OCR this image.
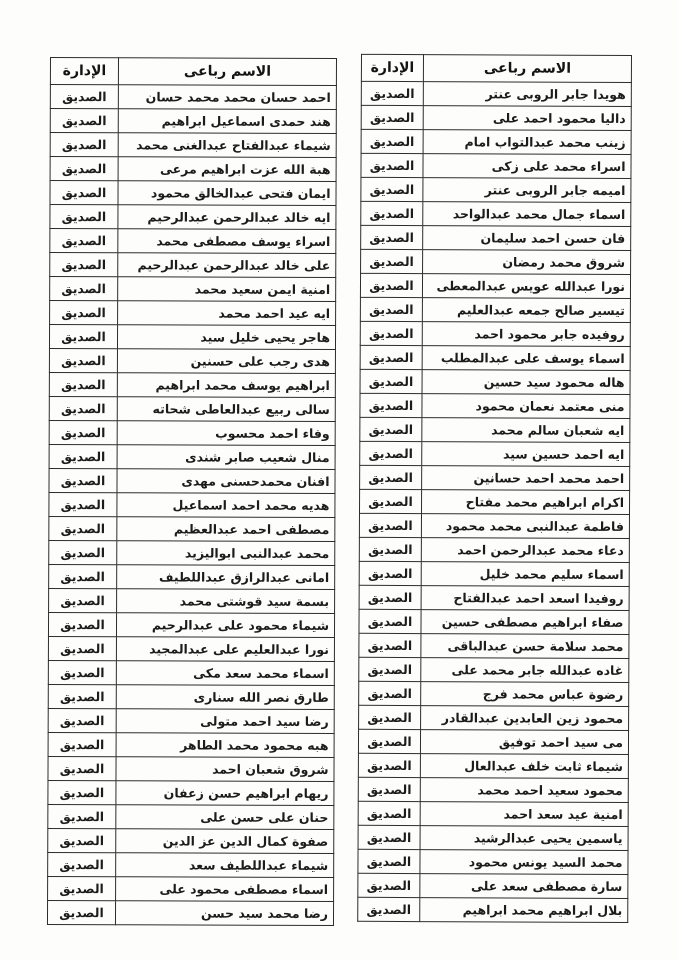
الاسم رباعى	الإدارة
هويدا جابر الروبى عنتر	الصديق
داليا محمود احمد على	الصديق
زينب محمد عبدالتواب امام	الصديق
اسراء محمد على زكى	الصديق
اميمه جابر الروبى عنتر	الصديق
اسماء جمال محمد عبدالواحد	الصديق
فان حسن احمد سليمان	الصديق
شروق محمد رمضان	الصديق
نورا عبدالله عويس عبدالمعطى	الصديق
تيسير صالح جمعه عبدالعليم	الصديق
روفيده جابر محمود احمد	الصديق
اسماء يوسف على عبدالمطلب	الصديق
هاله محمود سيد حسين	الصديق
منى معتمد نعمان محمود	الصديق
ايه شعبان سالم محمد	الصديق
ايه احمد حسين سيد	الصديق
احمد محمد احمد حسانين	الصديق
اكرام ابراهيم محمد مفتاح	الصديق
فاطمة عبدالنبى محمد محمود	الصديق
دعاء محمد عبدالرحمن احمد	الصديق
اسماء سليم محمد خليل	الصديق
روفيدا اسعد احمد عبدالفتاح	الصديق
صفاء ابراهيم مصطفى حسين	الصديق
محمد سلامة حسن عبدالباقى	الصديق
غاده عبدالله جابر محمد على	الصديق
رضوة عباس محمد فرج	الصديق
محمود زين العابدين عبدالقادر	الصديق
مى سيد احمد توفيق	الصديق
شيماء ثابت خلف عبدالعال	الصديق
محمود سعيد احمد محمد	الصديق
امنية عيد سعد احمد	الصديق
ياسمين يحيى عبدالرشيد	الصديق
محمد السيد يونس محمود	الصديق
سارة مصطفى سعد على	الصديق
بلال ابراهيم محمد ابراهيم	الصديق
الاسم رباعى	الإدارة
احمد حسان محمد محمد حسان	الصديق
هند حمدى اسماعيل ابراهيم	الصديق
شيماء عبدالفتاح عبدالغنى محمد	الصديق
هبة الله عزت ابراهيم مرعى	الصديق
ايمان فتحى عبدالخالق محمود	الصديق
ايه خالد عبدالرحمن عبدالرحيم	الصديق
اسراء يوسف مصطفى محمد	الصديق
على خالد عبدالرحمن عبدالرحيم	الصديق
امنية ايمن سعيد محمد	الصديق
ايه عيد احمد محمد	الصديق
هاجر يحيى خليل سيد	الصديق
هدى رجب على حسنين	الصديق
ابراهيم يوسف محمد ابراهيم	الصديق
سالى ربيع عبدالعاطى شحاته	الصديق
وفاء احمد محسوب	الصديق
منال شعيب صابر شندى	الصديق
افنان محمدحسنى مهدى	الصديق
هديه محمد احمد اسماعيل	الصديق
مصطفى احمد عبدالعظيم	الصديق
محمد عبدالنبى ابواليزيد	الصديق
امانى عبدالرازق عبداللطيف	الصديق
بسمة سيد قوشتى محمد	الصديق
شيماء محمود على عبدالرحيم	الصديق
نورا عبدالعليم على عبدالمجيد	الصديق
اسماء محمد سعد مكى	الصديق
طارق نصر الله سنارى	الصديق
رضا سيد احمد متولى	الصديق
هبه محمود محمد الطاهر	الصديق
شروق شعبان احمد	الصديق
ريهام ابراهيم حسن زعفان	الصديق
حنان على حسن على	الصديق
صفوة كمال الدين عز الدين	الصديق
شيماء عبداللطيف سعد	الصديق
اسماء مصطفى محمود على	الصديق
رضا محمد سيد حسن	الصديق
